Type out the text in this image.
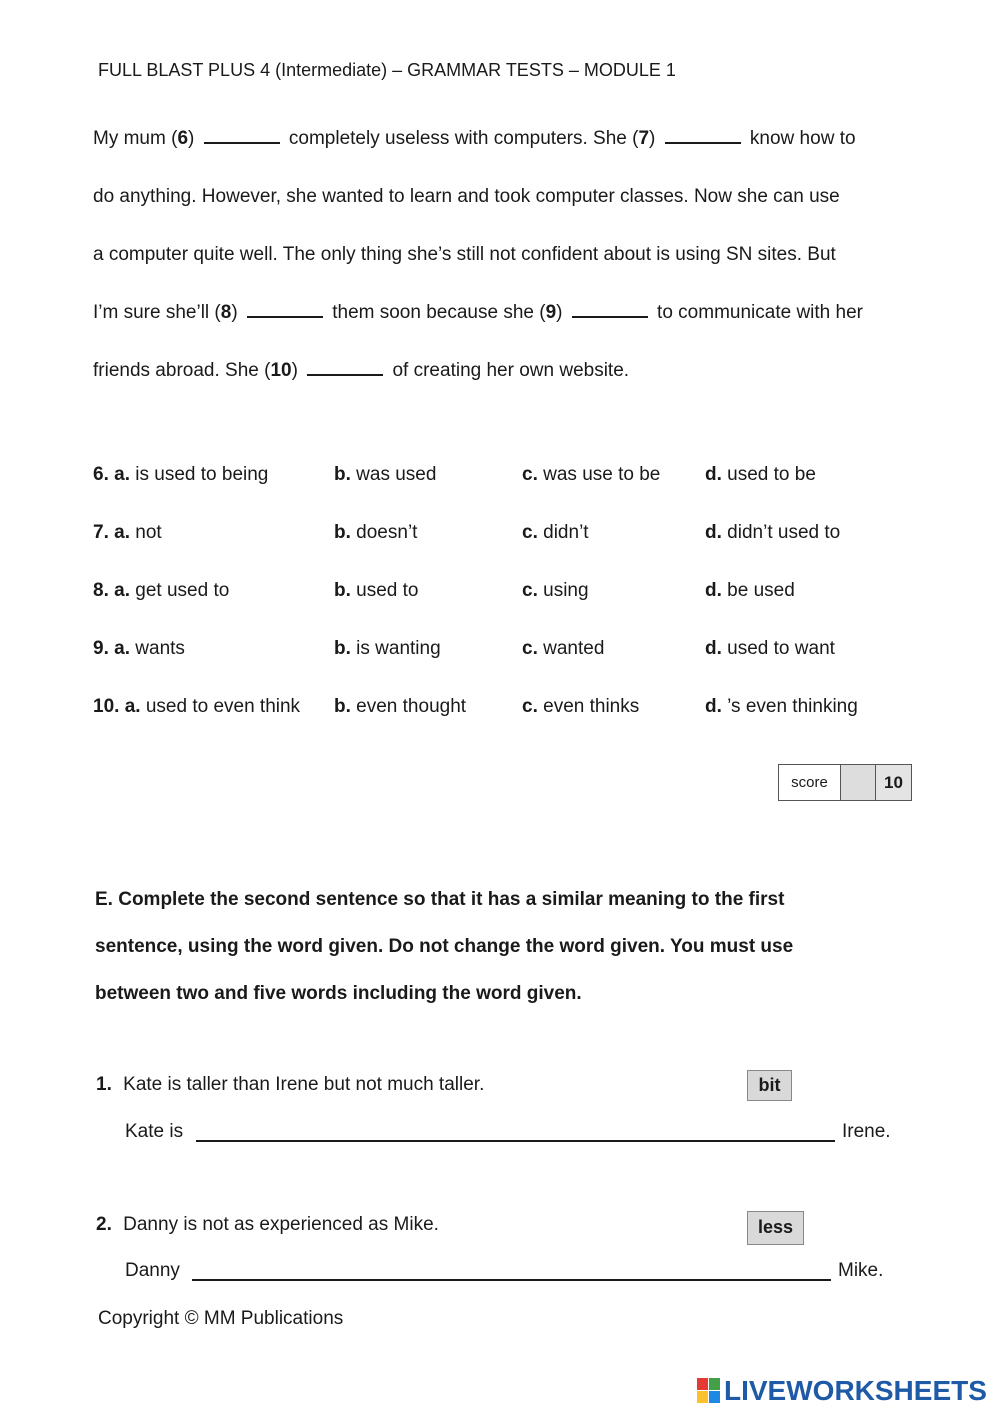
FULL BLAST PLUS 4 (Intermediate) – GRAMMAR TESTS – MODULE 1
My mum (6)	completely useless with computers. She (7)	know how to
do anything. However, she wanted to learn and took computer classes. Now she can use
a computer quite well. The only thing she’s still not confident about is using SN sites. But
I’m sure she’ll (8)	them soon because she (9)	to communicate with her
friends abroad. She (10)	of creating her own website.
6. a. is used to being	b. was used	c. was use to be d. used to be
7. a. not	b. doesn’t	c. didn’t	d. didn’t used to
8. a. get used to	b. used to	c. using	d. be used
9. a. wants	b. is wanting	c. wanted	d. used to want
10. a. used to even think b. even thought	c. even thinks	d. ’s even thinking
score	10
E. Complete the second sentence so that it has a similar meaning to the first
sentence, using the word given. Do not change the word given. You must use
between two and five words including the word given.
1. Kate is taller than Irene but not much taller.	bit
Kate is	Irene.
2. Danny is not as experienced as Mike.	less
Danny	Mike.
Copyright © MM Publications
LIVEWORKSHEETS
